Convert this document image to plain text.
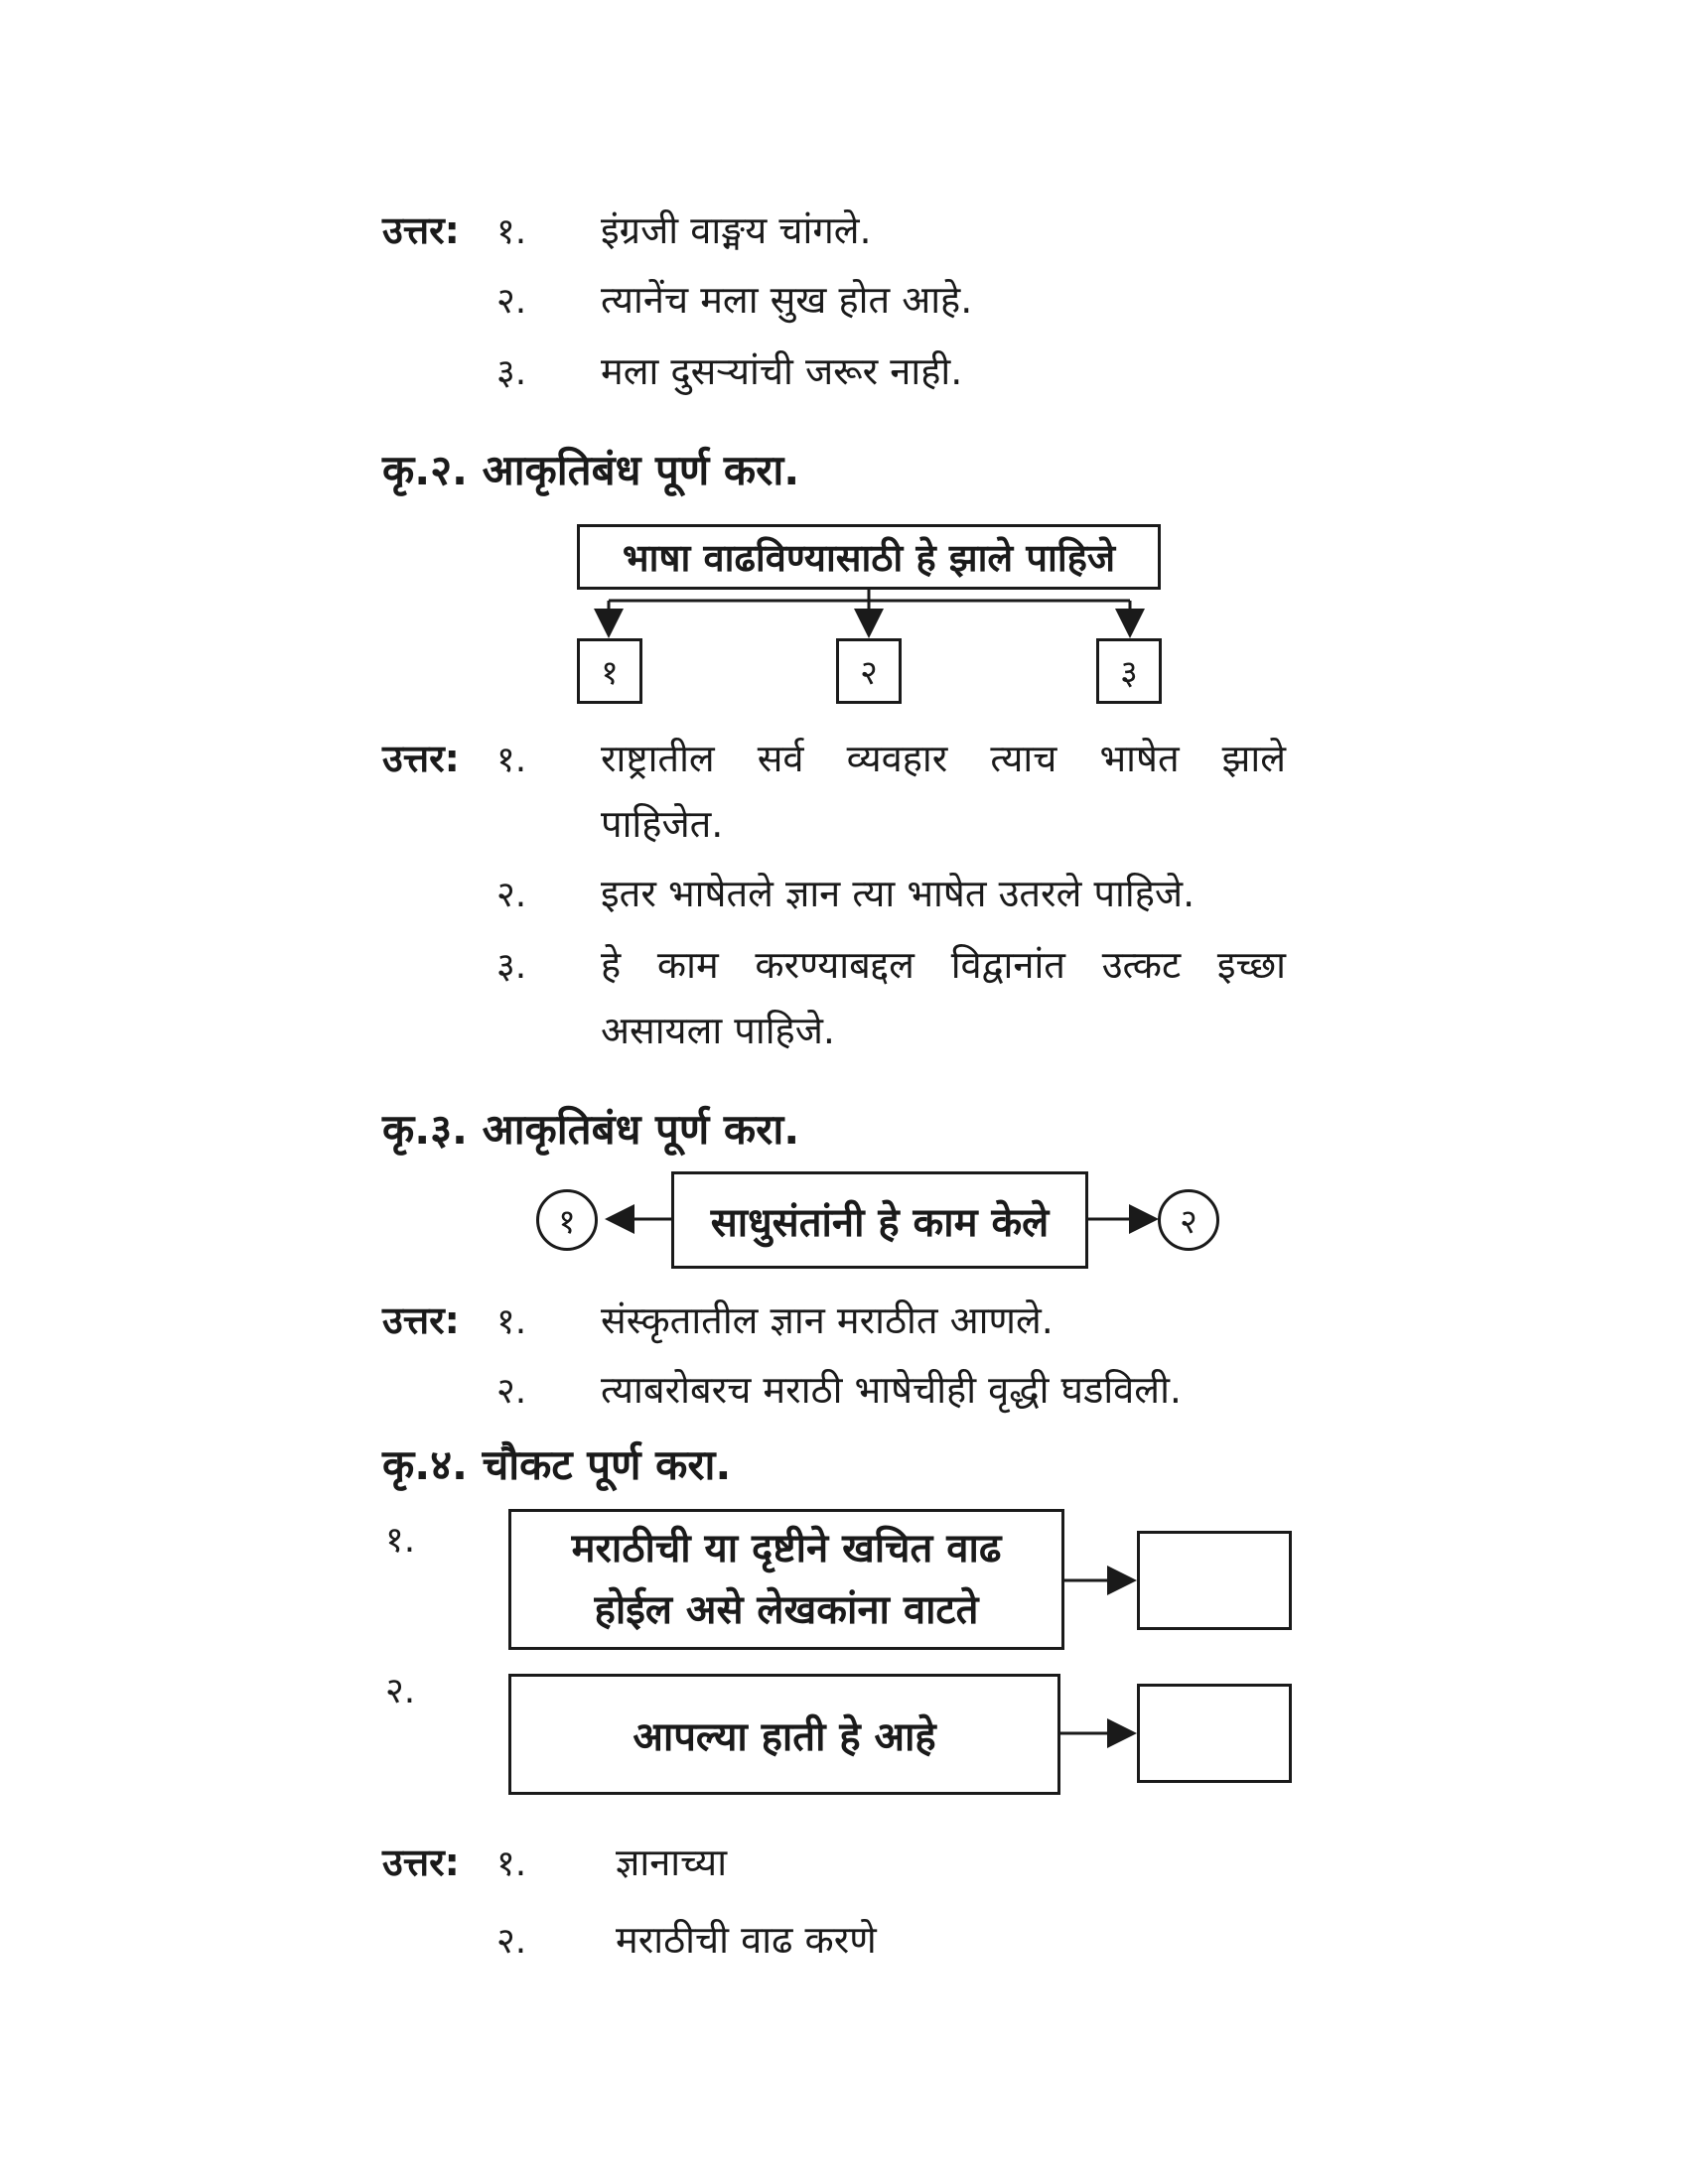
उत्तर: १. इंग्रजी वाङ्मय चांगले.
२. त्यानेंच मला सुख होत आहे.
३. मला दुसऱ्यांची जरूर नाही.
कृ.२. आकृतिबंध पूर्ण करा.
भाषा वाढविण्यासाठी हे झाले पाहिजे
१	२	३
उत्तर: १. राष्ट्रातील सर्व व्यवहार त्याच भाषेत झाले
पाहिजेत.
२. इतर भाषेतले ज्ञान त्या भाषेत उतरले पाहिजे.
३. हे काम करण्याबद्दल विद्वानांत उत्कट इच्छा
असायला पाहिजे.
कृ.३. आकृतिबंध पूर्ण करा.
१	साधुसंतांनी हे काम केले	२
उत्तर: १. संस्कृतातील ज्ञान मराठीत आणले.
२. त्याबरोबरच मराठी भाषेचीही वृद्धी घडविली.
कृ.४. चौकट पूर्ण करा.
१.	मराठीची या दृष्टीने खचित वाढ
होईल असे लेखकांना वाटते
२.
आपल्या हाती हे आहे
उत्तर: १. ज्ञानाच्या
२. मराठीची वाढ करणे
